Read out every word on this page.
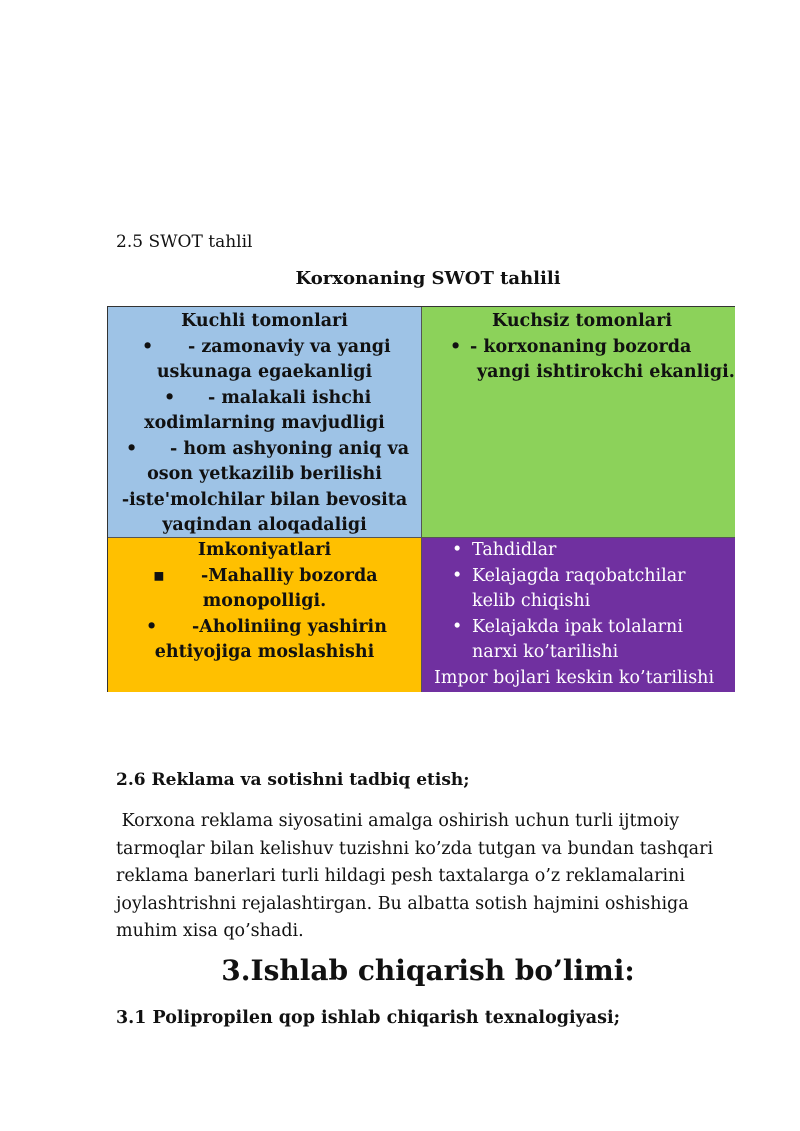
2.5 SWOT tahlil
Korxonaning SWOT tahlili
Kuchli tomonlari
• - zamonaviy va yangi
uskunaga egaekanligi
• - malakali ishchi
xodimlarning mavjudligi
• - hom ashyoning aniq va
oson yetkazilib berilishi
-iste'molchilar bilan bevosita
yaqindan aloqadaligi
Kuchsiz tomonlari
• - korxonaning bozorda
yangi ishtirokchi ekanligi.
Imkoniyatlari
▪ -Mahalliy bozorda
monopolligi.
• -Aholiniing yashirin
ehtiyojiga moslashishi
• Tahdidlar
• Kelajagda raqobatchilar
kelib chiqishi
• Kelajakda ipak tolalarni
narxi ko’tarilishi
Impor bojlari keskin ko’tarilishi
2.6 Reklama va sotishni tadbiq etish;
Korxona reklama siyosatini amalga oshirish uchun turli ijtmoiy
tarmoqlar bilan kelishuv tuzishni ko’zda tutgan va bundan tashqari
reklama banerlari turli hildagi pesh taxtalarga o’z reklamalarini
joylashtrishni rejalashtirgan. Bu albatta sotish hajmini oshishiga
muhim xisa qo’shadi.
3.Ishlab chiqarish bo’limi:
3.1 Polipropilen qop ishlab chiqarish texnalogiyasi;
